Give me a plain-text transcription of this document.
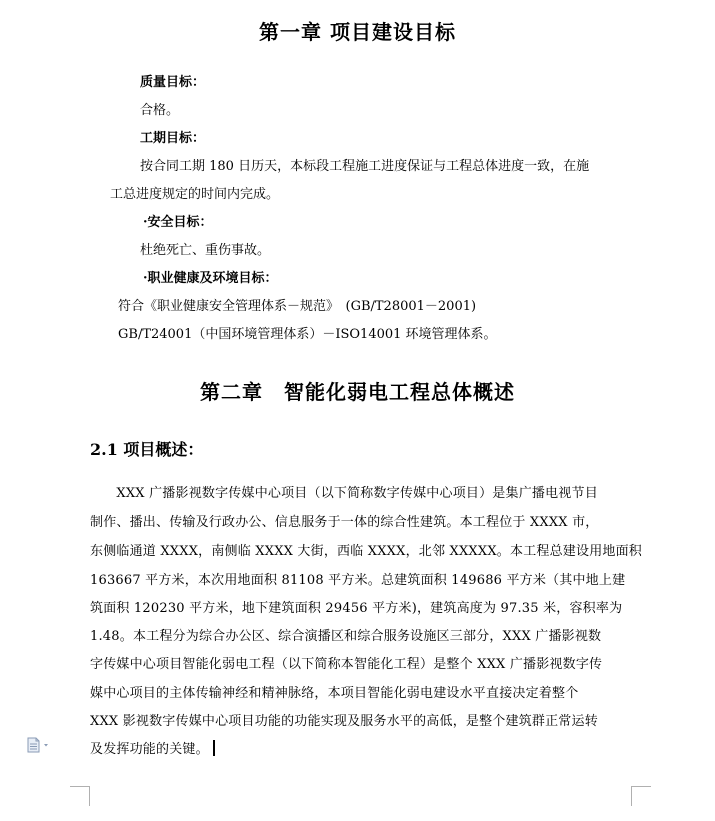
第一章 项目建设目标
质量目标：
合格。
工期目标：
按合同工期 180 日历天，本标段工程施工进度保证与工程总体进度一致，在施
工总进度规定的时间内完成。
·安全目标：
杜绝死亡、重伤事故。
·职业健康及环境目标：
符合《职业健康安全管理体系－规范》　(GB/T28001－2001)
GB/T24001（中国环境管理体系）－ISO14001 环境管理体系。
第二章　智能化弱电工程总体概述
2.1 项目概述：
　　XXX 广播影视数字传媒中心项目（以下简称数字传媒中心项目）是集广播电视节目
制作、播出、传输及行政办公、信息服务于一体的综合性建筑。本工程位于 XXXX 市，
东侧临通道 XXXX，南侧临 XXXX 大街，西临 XXXX，北邻 XXXXX。本工程总建设用地面积
163667 平方米，本次用地面积 81108 平方米。总建筑面积 149686 平方米（其中地上建
筑面积 120230 平方米，地下建筑面积 29456 平方米)，建筑高度为 97.35 米，容积率为
1.48。本工程分为综合办公区、综合演播区和综合服务设施区三部分，XXX 广播影视数
字传媒中心项目智能化弱电工程（以下简称本智能化工程）是整个 XXX 广播影视数字传
媒中心项目的主体传输神经和精神脉络，本项目智能化弱电建设水平直接决定着整个
XXX 影视数字传媒中心项目功能的功能实现及服务水平的高低，是整个建筑群正常运转
及发挥功能的关键。
